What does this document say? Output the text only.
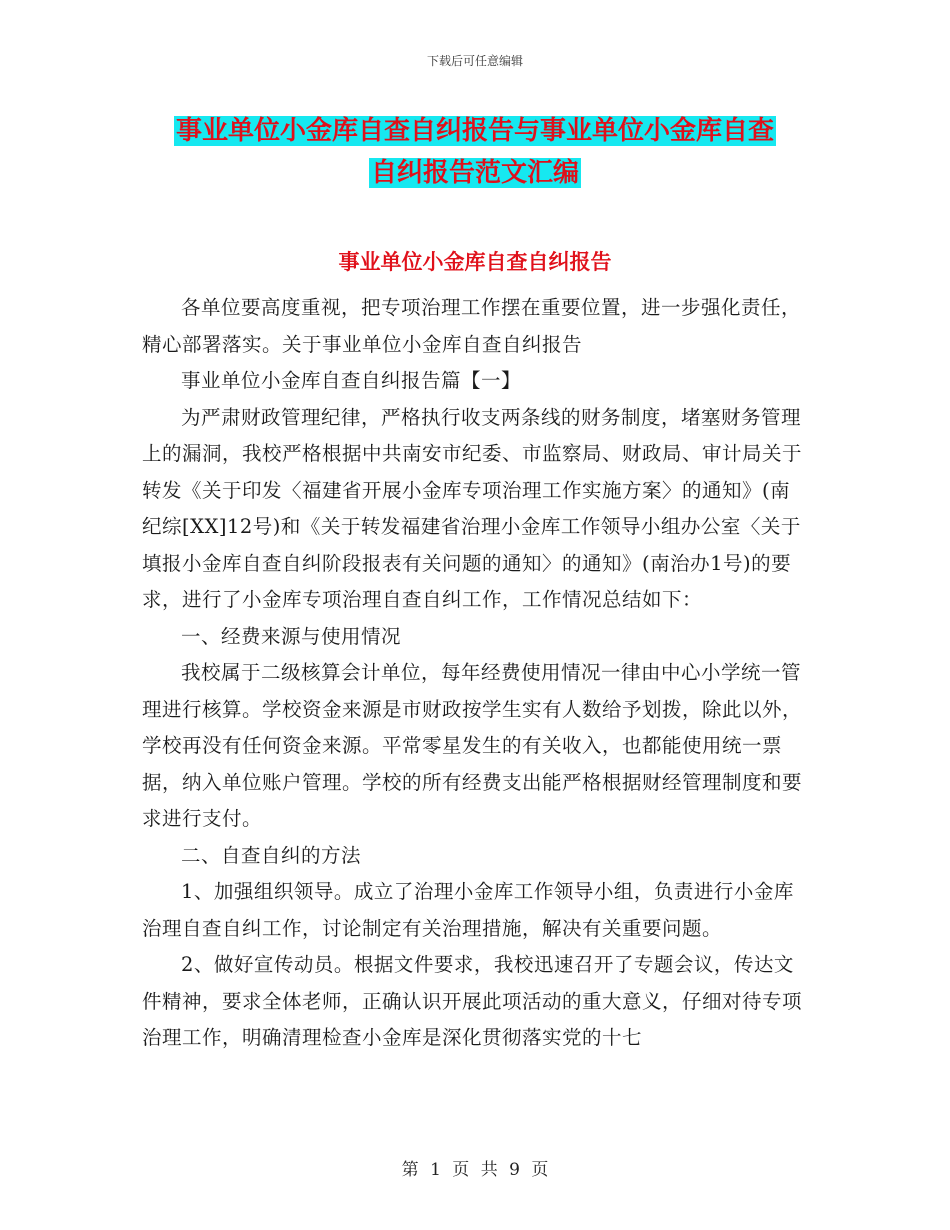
下载后可任意编辑
事业单位小金库自查自纠报告与事业单位小金库自查
自纠报告范文汇编
事业单位小金库自查自纠报告

各单位要高度重视，把专项治理工作摆在重要位置，进一步强化责任，精心部署落实。关于事业单位小金库自查自纠报告

事业单位小金库自查自纠报告篇【一】

为严肃财政管理纪律，严格执行收支两条线的财务制度，堵塞财务管理上的漏洞，我校严格根据中共南安市纪委、市监察局、财政局、审计局关于转发《关于印发〈福建省开展小金库专项治理工作实施方案〉的通知》(南纪综[XX]12号)和《关于转发福建省治理小金库工作领导小组办公室〈关于填报小金库自查自纠阶段报表有关问题的通知〉的通知》(南治办1号)的要求，进行了小金库专项治理自查自纠工作，工作情况总结如下：

一、经费来源与使用情况

我校属于二级核算会计单位，每年经费使用情况一律由中心小学统一管理进行核算。学校资金来源是市财政按学生实有人数给予划拨，除此以外，学校再没有任何资金来源。平常零星发生的有关收入，也都能使用统一票据，纳入单位账户管理。学校的所有经费支出能严格根据财经管理制度和要求进行支付。

二、自查自纠的方法

1、加强组织领导。成立了治理小金库工作领导小组，负责进行小金库治理自查自纠工作，讨论制定有关治理措施，解决有关重要问题。

2、做好宣传动员。根据文件要求，我校迅速召开了专题会议，传达文件精神，要求全体老师，正确认识开展此项活动的重大意义，仔细对待专项治理工作，明确清理检查小金库是深化贯彻落实党的十七

第 1 页 共 9 页
